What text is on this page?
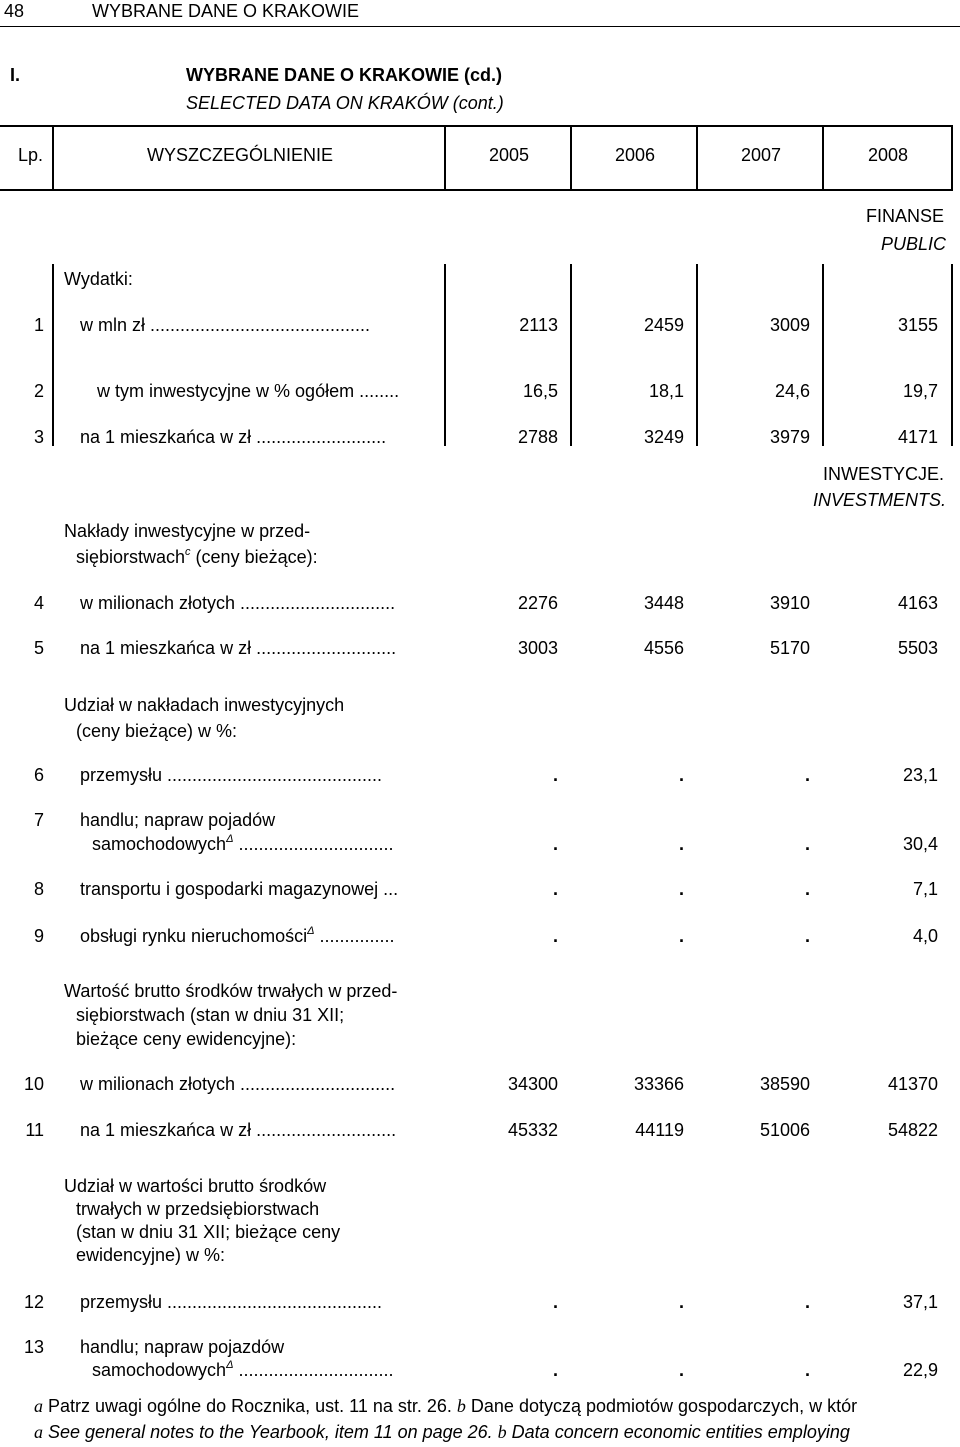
48	WYBRANE DANE O KRAKOWIE
I.	WYBRANE DANE O KRAKOWIE (cd.)
SELECTED DATA ON KRAKÓW (cont.)
Lp.	WYSZCZEGÓLNIENIE	2005	2006	2007	2008
FINANSE
PUBLIC
Wydatki:
1 w mln zł ............................................	2113	2459	3009	3155
2	w tym inwestycyjne w % ogółem ........	16,5	18,1	24,6	19,7
3 na 1 mieszkańca w zł ..........................	2788	3249	3979	4171
INWESTYCJE.
INVESTMENTS.
Nakłady inwestycyjne w przed-
siębiorstwach$^c$ (ceny bieżące):
4 w milionach złotych ...............................	2276	3448	3910	4163
5 na 1 mieszkańca w zł ............................	3003	4556	5170	5503
Udział w nakładach inwestycyjnych
(ceny bieżące) w %:
6 przemysłu ...........................................	.	.	.	23,1
7 handlu; napraw pojadów
samochodowych$^\Delta$ ...............................	.	.	.	30,4
8 transportu i gospodarki magazynowej ...	.	.	.	7,1
9 obsługi rynku nieruchomości$^\Delta$ ...............	.	.	.	4,0
Wartość brutto środków trwałych w przed-
siębiorstwach (stan w dniu 31 XII;
bieżące ceny ewidencyjne):
10 w milionach złotych ...............................	34300	33366	38590	41370
11 na 1 mieszkańca w zł ............................	45332	44119	51006	54822
Udział w wartości brutto środków
trwałych w przedsiębiorstwach
(stan w dniu 31 XII; bieżące ceny
ewidencyjne) w %:
12 przemysłu ...........................................	.	.	.	37,1
13 handlu; napraw pojazdów
samochodowych$^\Delta$ ...............................	.	.	.	22,9
a Patrz uwagi ogólne do Rocznika, ust. 11 na str. 26. b Dane dotyczą podmiotów gospodarczych, w któr
a See general notes to the Yearbook, item 11 on page 26. b Data concern economic entities employing
